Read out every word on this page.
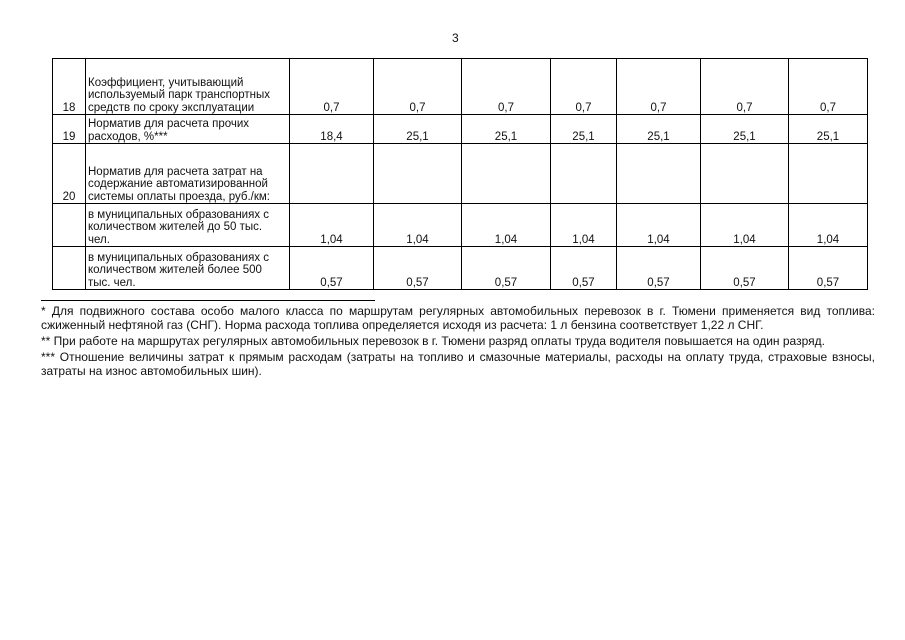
3
18	Коэффициент, учитывающий используемый парк транспортных средств по сроку эксплуатации	0,7	0,7	0,7	0,7	0,7	0,7	0,7
19	Норматив для расчета прочих расходов, %***	18,4	25,1	25,1	25,1	25,1	25,1	25,1
20	Норматив для расчета затрат на содержание автоматизированной системы оплаты проезда, руб./км:							
	в муниципальных образованиях с количеством жителей до 50 тыс. чел.	1,04	1,04	1,04	1,04	1,04	1,04	1,04
	в муниципальных образованиях с количеством жителей более 500 тыс. чел.	0,57	0,57	0,57	0,57	0,57	0,57	0,57

* Для подвижного состава особо малого класса по маршрутам регулярных автомобильных перевозок в г. Тюмени применяется вид топлива: сжиженный нефтяной газ (СНГ). Норма расхода топлива определяется исходя из расчета: 1 л бензина соответствует 1,22 л СНГ.

** При работе на маршрутах регулярных автомобильных перевозок в г. Тюмени разряд оплаты труда водителя повышается на один разряд.

*** Отношение величины затрат к прямым расходам (затраты на топливо и смазочные материалы, расходы на оплату труда, страховые взносы, затраты на износ автомобильных шин).
